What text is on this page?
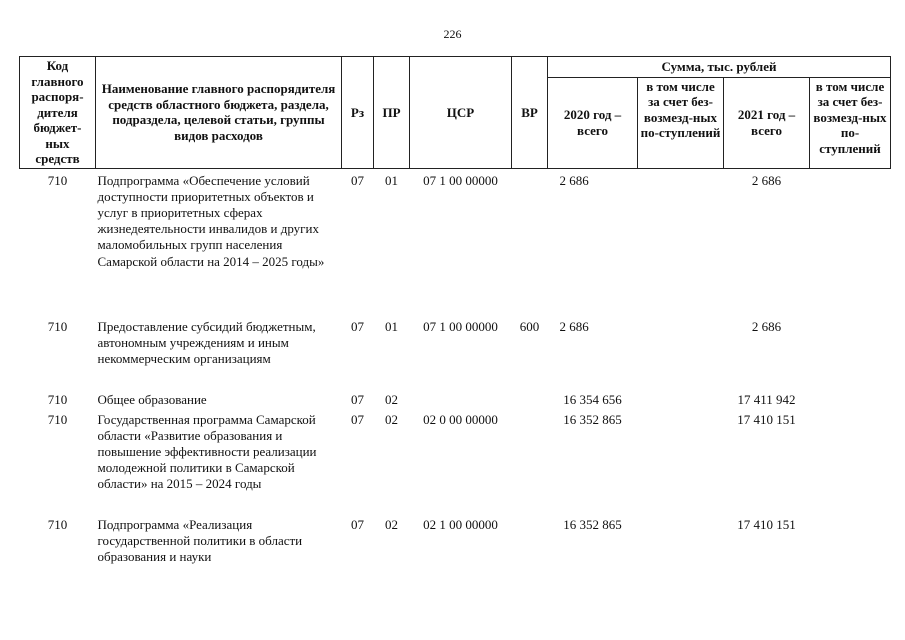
226
Код главного распоря-дителя бюджет-ных средств	Наименование главного распорядителя средств областного бюджета, раздела, подраздела, целевой статьи, группы видов расходов	Рз	ПР	ЦСР	ВР	Сумма, тыс. рублей			
						2020 год – всего	в том числе за счет без-возмезд-ных по-ступлений	2021 год – всего	в том числе за счет без-возмезд-ных по-ступлений

710	Подпрограмма «Обеспечение условий доступности приоритетных объектов и услуг в приоритетных сферах жизнедеятельности инвалидов и других маломобильных групп населения Самарской области на 2014 – 2025 годы»	07	01	07 1 00 00000		2 686		2 686	
710	Предоставление субсидий бюджетным, автономным учреждениям и иным некоммерческим организациям	07	01	07 1 00 00000	600	2 686		2 686	
710	Общее образование	07	02			16 354 656		17 411 942	
710	Государственная программа Самарской области «Развитие образования и повышение эффективности реализации молодежной политики в Самарской области» на 2015 – 2024 годы	07	02	02 0 00 00000		16 352 865		17 410 151	
710	Подпрограмма «Реализация государственной политики в области образования и науки	07	02	02 1 00 00000		16 352 865		17 410 151	
